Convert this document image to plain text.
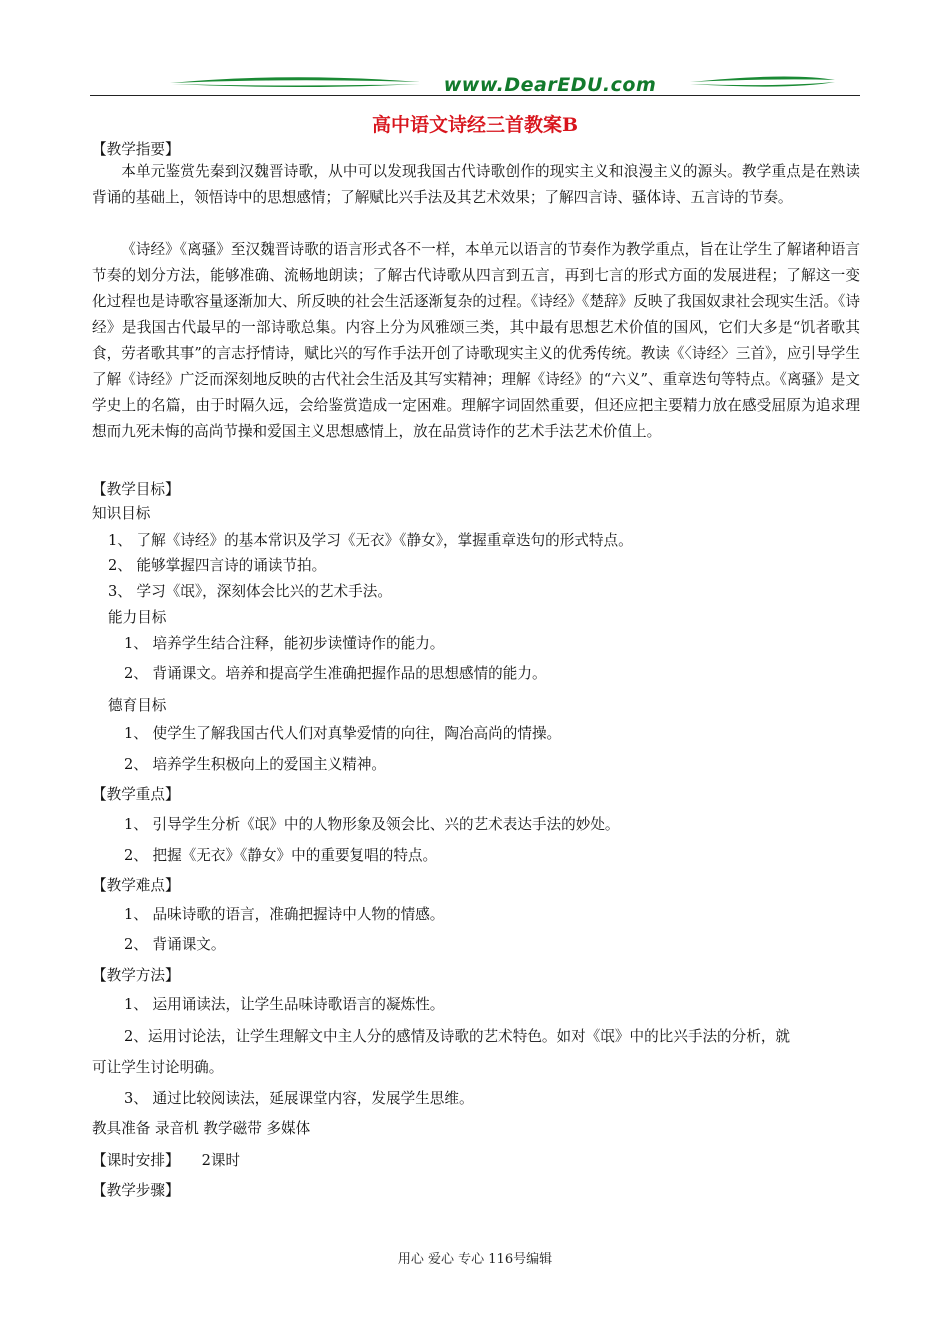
www.DearEDU.com
高中语文诗经三首教案B
【教学指要】

本单元鉴赏先秦到汉魏晋诗歌，从中可以发现我国古代诗歌创作的现实主义和浪漫主义的源头。教学重点是在熟读背诵的基础上，领悟诗中的思想感情；了解赋比兴手法及其艺术效果；了解四言诗、骚体诗、五言诗的节奏。

《诗经》《离骚》至汉魏晋诗歌的语言形式各不一样，本单元以语言的节奏作为教学重点，旨在让学生了解诸种语言节奏的划分方法，能够准确、流畅地朗读；了解古代诗歌从四言到五言，再到七言的形式方面的发展进程；了解这一变化过程也是诗歌容量逐渐加大、所反映的社会生活逐渐复杂的过程。《诗经》《楚辞》反映了我国奴隶社会现实生活。《诗经》是我国古代最早的一部诗歌总集。内容上分为风雅颂三类，其中最有思想艺术价值的国风，它们大多是“饥者歌其食，劳者歌其事”的言志抒情诗，赋比兴的写作手法开创了诗歌现实主义的优秀传统。教读《〈诗经〉三首》，应引导学生了解《诗经》广泛而深刻地反映的古代社会生活及其写实精神；理解《诗经》的“六义”、重章迭句等特点。《离骚》是文学史上的名篇，由于时隔久远，会给鉴赏造成一定困难。理解字词固然重要，但还应把主要精力放在感受屈原为追求理想而九死未悔的高尚节操和爱国主义思想感情上，放在品赏诗作的艺术手法艺术价值上。

【教学目标】
知识目标
1、 了解《诗经》的基本常识及学习《无衣》《静女》，掌握重章迭句的形式特点。
2、 能够掌握四言诗的诵读节拍。
3、 学习《氓》，深刻体会比兴的艺术手法。
能力目标
1、 培养学生结合注释，能初步读懂诗作的能力。
2、 背诵课文。培养和提高学生准确把握作品的思想感情的能力。
德育目标
1、 使学生了解我国古代人们对真挚爱情的向往，陶冶高尚的情操。
2、 培养学生积极向上的爱国主义精神。
【教学重点】
1、 引导学生分析《氓》中的人物形象及领会比、兴的艺术表达手法的妙处。
2、 把握《无衣》《静女》中的重要复唱的特点。
【教学难点】
1、 品味诗歌的语言，准确把握诗中人物的情感。
2、 背诵课文。
【教学方法】
1、 运用诵读法，让学生品味诗歌语言的凝炼性。
2、运用讨论法，让学生理解文中主人分的感情及诗歌的艺术特色。如对《氓》中的比兴手法的分析，就
可让学生讨论明确。
3、 通过比较阅读法，延展课堂内容，发展学生思维。
教具准备 录音机 教学磁带 多媒体
【课时安排】 2课时
【教学步骤】
用心 爱心 专心 116号编辑
